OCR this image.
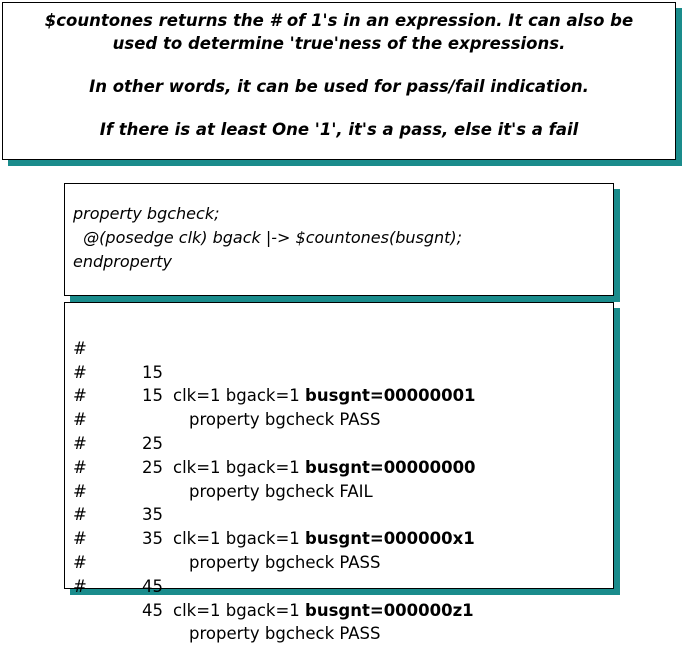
$countones returns the # of 1's in an expression. It can also be

used to determine 'true'ness of the expressions.

In other words, it can be used for pass/fail indication.

If there is at least One '1', it's a pass, else it's a fail

property bgcheck;
@(posedge clk) bgack |-> $countones(busgnt);
endproperty

#

15

clk=1 bgack=1 busgnt=00000001

#

15

property bgcheck PASS

#

#

25

clk=1 bgack=1 busgnt=00000000

#

25

property bgcheck FAIL

#

#

35

clk=1 bgack=1 busgnt=000000x1

#

35

property bgcheck PASS

#

#

45

clk=1 bgack=1 busgnt=000000z1

#

45

property bgcheck PASS
